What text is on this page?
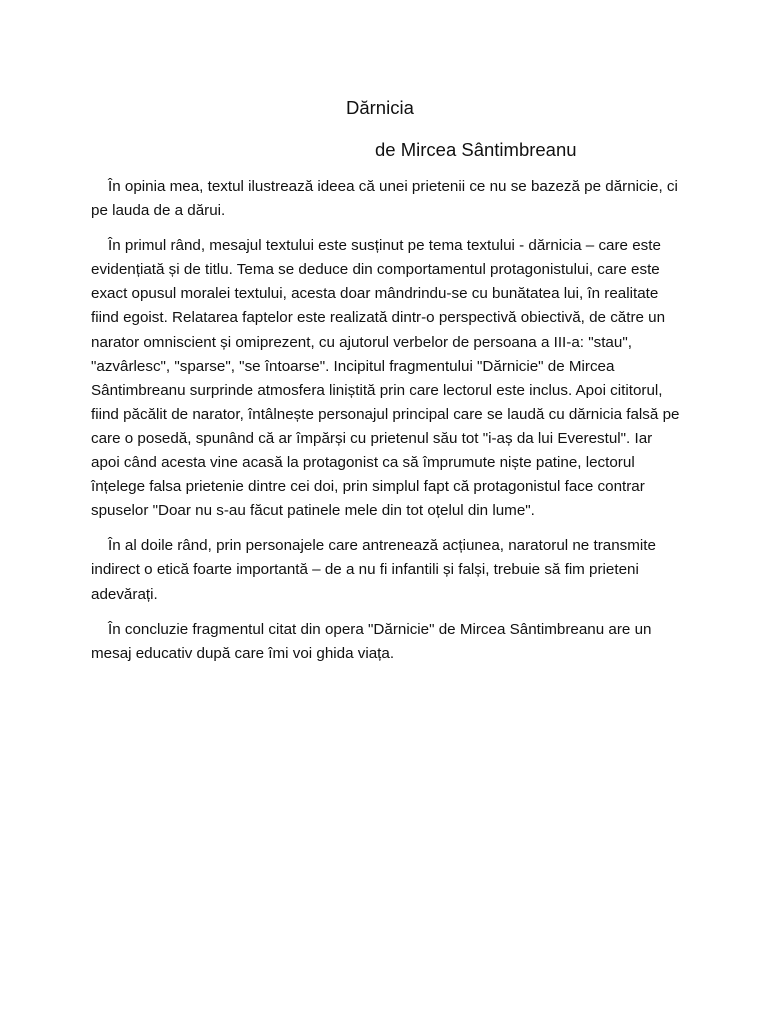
Dărnicia
de Mircea Sântimbreanu

În opinia mea, textul ilustrează ideea că unei prietenii ce nu se bazeză pe dărnicie, ci pe lauda de a dărui.

În primul rând, mesajul textului este susținut pe tema textului - dărnicia – care este evidențiată și de titlu. Tema se deduce din comportamentul protagonistului, care este exact opusul moralei textului, acesta doar mândrindu-se cu bunătatea lui, în realitate fiind egoist. Relatarea faptelor este realizată dintr-o perspectivă obiectivă, de către un narator omniscient și omiprezent, cu ajutorul verbelor de persoana a III-a: "stau", "azvârlesc", "sparse", "se întoarse". Incipitul fragmentului "Dărnicie" de Mircea Sântimbreanu surprinde atmosfera liniștită prin care lectorul este inclus. Apoi cititorul, fiind păcălit de narator, întâlnește personajul principal care se laudă cu dărnicia falsă pe care o posedă, spunând că ar împărși cu prietenul său tot "i-aș da lui Everestul". Iar apoi când acesta vine acasă la protagonist ca să împrumute niște patine, lectorul înțelege falsa prietenie dintre cei doi, prin simplul fapt că protagonistul face contrar spuselor "Doar nu s-au făcut patinele mele din tot oțelul din lume".

În al doile rând, prin personajele care antrenează acțiunea, naratorul ne transmite indirect o etică foarte importantă – de a nu fi infantili și falși, trebuie să fim prieteni adevărați.

În concluzie fragmentul citat din opera "Dărnicie" de Mircea Sântimbreanu are un mesaj educativ după care îmi voi ghida viața.
